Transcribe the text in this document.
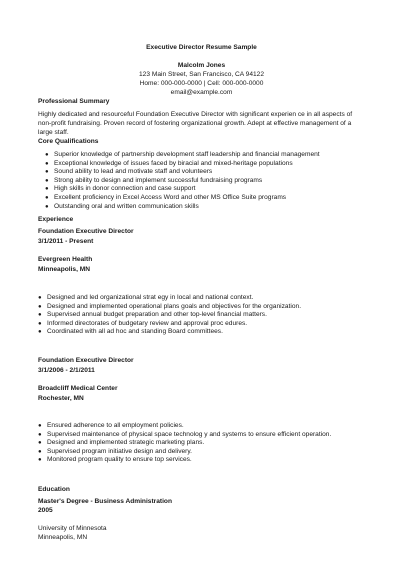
Executive Director Resume Sample
Malcolm Jones
123 Main Street, San Francisco, CA 94122
Home: 000-000-0000 | Cell: 000-000-0000
email@example.com
Professional Summary
Highly dedicated and resourceful Foundation Executive Director with significant experien ce in all aspects of
non-profit fundraising. Proven record of fostering organizational growth. Adept at effective management of a
large staff.
Core Qualifications
● Superior knowledge of partnership development staff leadership and financial management
● Exceptional knowledge of issues faced by biracial and mixed-heritage populations
● Sound ability to lead and motivate staff and volunteers
● Strong ability to design and implement successful fundraising programs
● High skills in donor connection and case support
● Excellent proficiency in Excel Access Word and other MS Office Suite programs
● Outstanding oral and written communication skills
Experience
Foundation Executive Director
3/1/2011 - Present
Evergreen Health
Minneapolis, MN
● Designed and led organizational strat egy in local and national context.
● Designed and implemented operational plans goals and objectives for the organization.
● Supervised annual budget preparation and other top-level financial matters.
● Informed directorates of budgetary review and approval proc edures.
● Coordinated with all ad hoc and standing Board committees.
Foundation Executive Director
3/1/2006 - 2/1/2011
Broadcliff Medical Center
Rochester, MN
● Ensured adherence to all employment policies.
● Supervised maintenance of physical space technolog y and systems to ensure efficient operation.
● Designed and implemented strategic marketing plans.
● Supervised program initiative design and delivery.
● Monitored program quality to ensure top services.
Education
Master's Degree - Business Administration
2005
University of Minnesota
Minneapolis, MN
